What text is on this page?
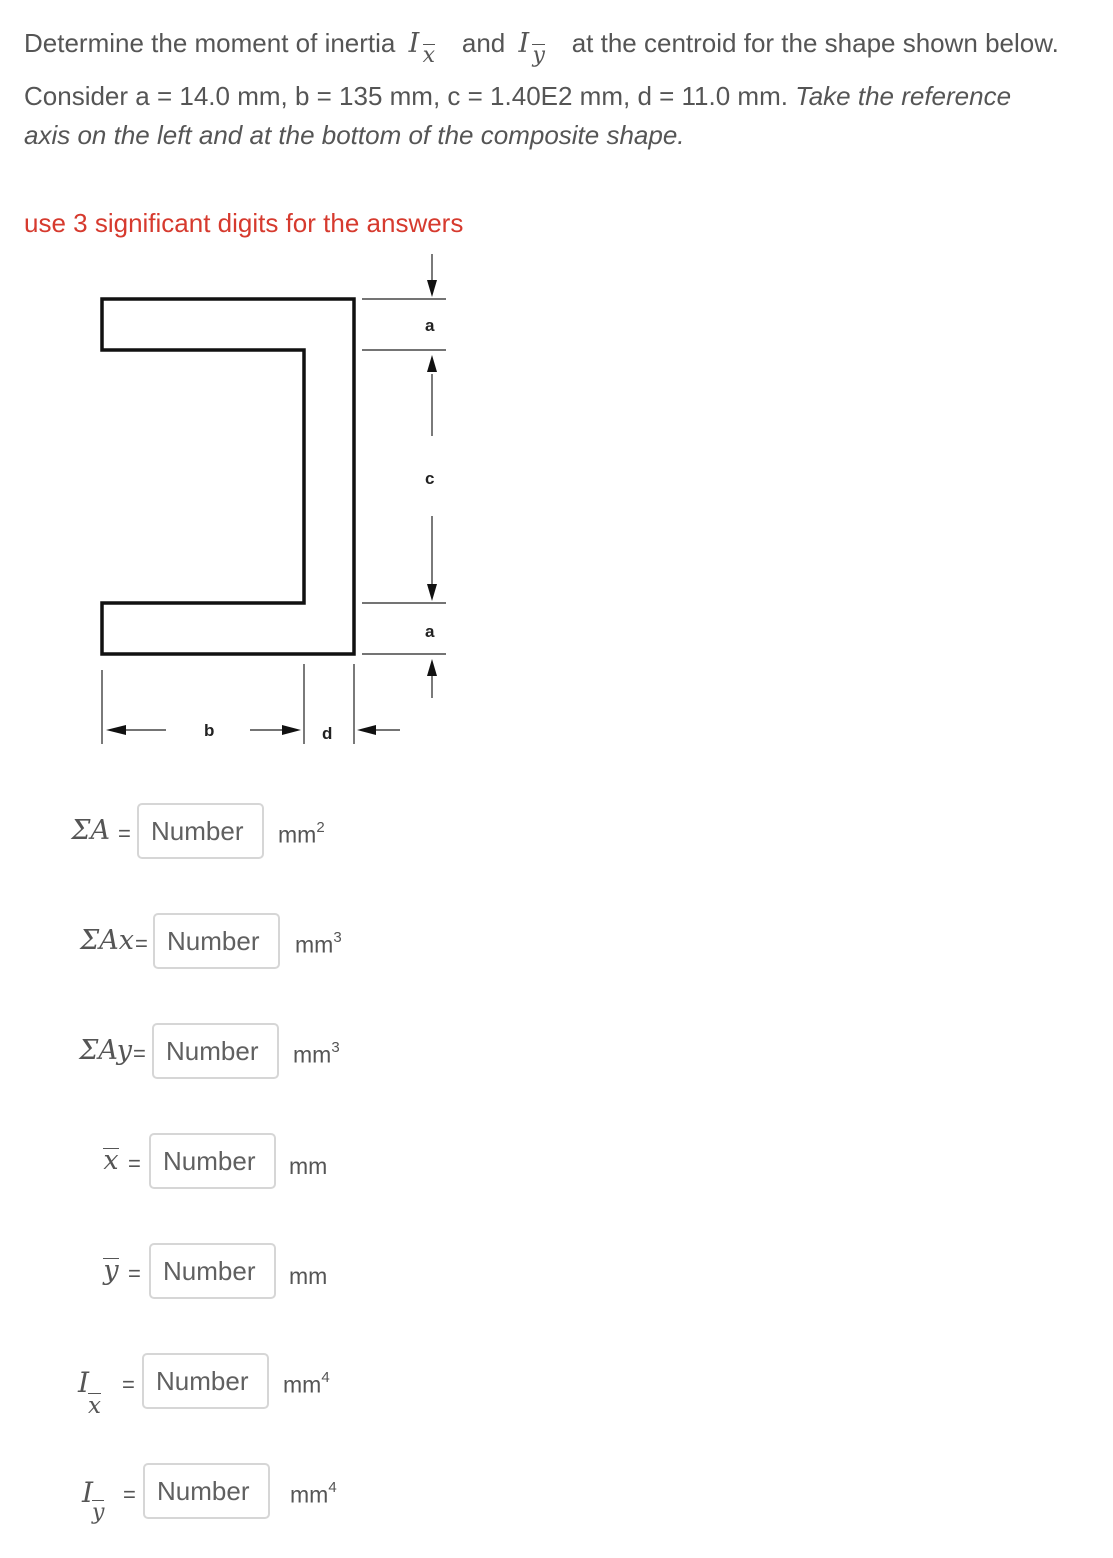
Determine the moment of inertia I x and I y at the centroid for the shape shown below.
Consider a = 14.0 mm, b = 135 mm, c = 1.40E2 mm, d = 11.0 mm. Take the reference
axis on the left and at the bottom of the composite shape.
use 3 significant digits for the answers
a
c
a
b	d
ΣA =
Number	$mm^2$
ΣAx =
Number	$mm^3$
ΣAy =
Number	$mm^3$
x =
Number	mm
y =
Number	mm
I
x
=
Number	$mm^4$
I
y
=
Number	$mm^4$
